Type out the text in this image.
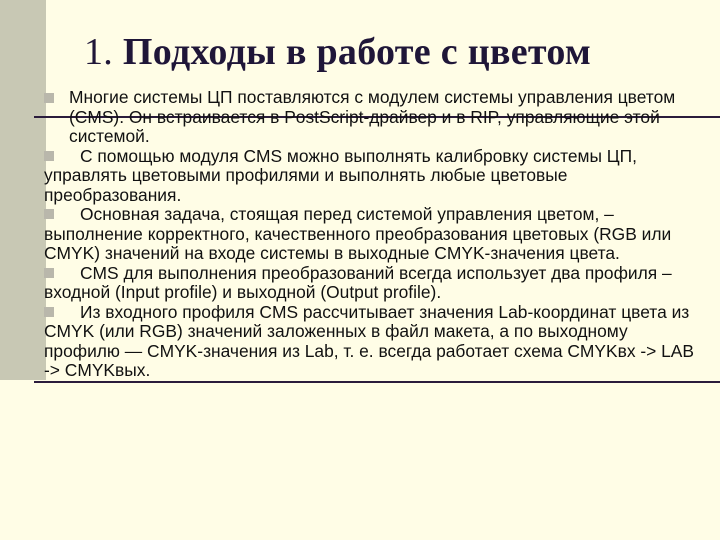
1. Подходы в работе с цветом

Многие системы ЦП поставляются с модулем системы управления цветом (CMS). Он встраивается в PostScript-драйвер и в RIP, управляющие этой системой.

С помощью модуля CMS можно выполнять калибровку системы ЦП, управлять цветовыми профилями и выполнять любые цветовые преобразования.

Основная задача, стоящая перед системой управления цветом, – выполнение корректного, качественного преобразования цветовых (RGB или CMYK) значений на входе системы в выходные CMYK-значения цвета.

CMS для выполнения преобразований всегда использует два профиля – входной (Input profile) и выходной (Output profile).

Из входного профиля CMS рассчитывает значения Lab-координат цвета из CMYK (или RGB) значений заложенных в файл макета, а по выходному профилю — CMYK-значения из Lab, т. е. всегда работает схема CMYKвх -> LAB -> CMYKвых.
